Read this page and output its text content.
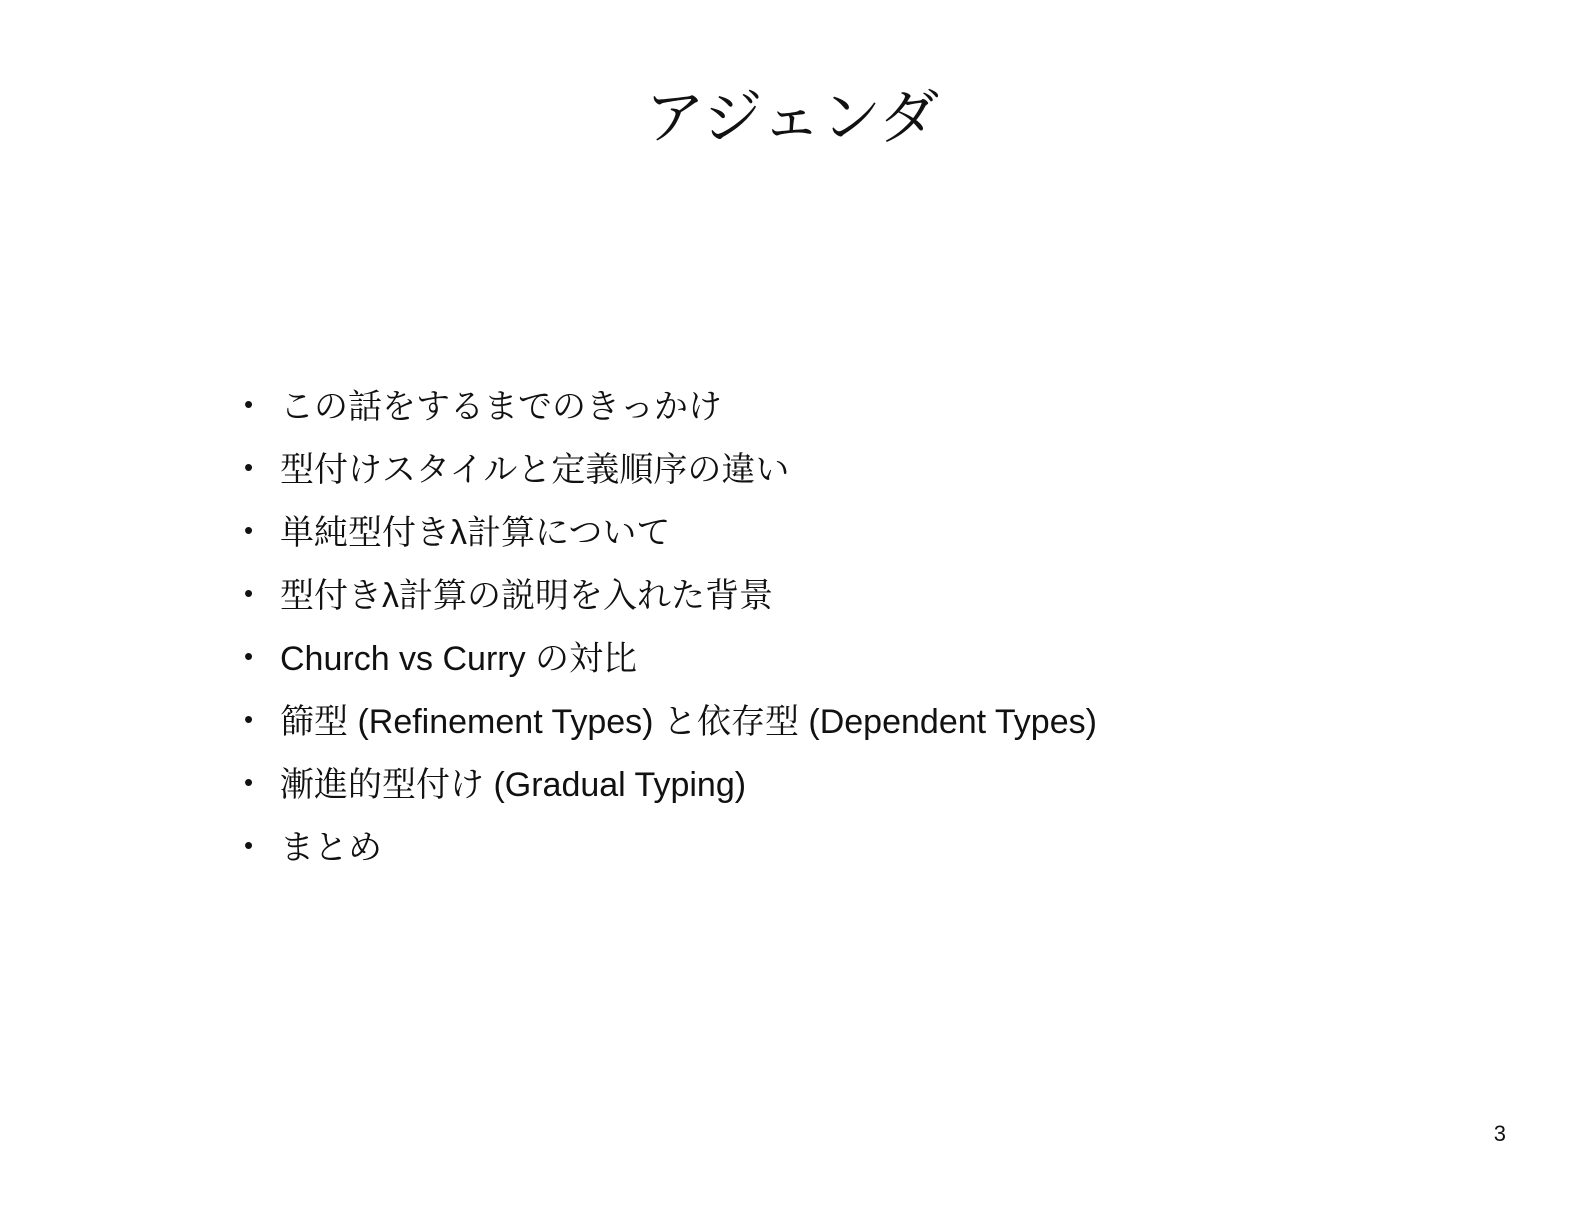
アジェンダ
• この話をするまでのきっかけ
• 型付けスタイルと定義順序の違い
• 単純型付きλ計算について
• 型付きλ計算の説明を入れた背景
• Church vs Curry の対比
• 篩型 (Refinement Types) と依存型 (Dependent Types)
• 漸進的型付け (Gradual Typing)
• まとめ
3
